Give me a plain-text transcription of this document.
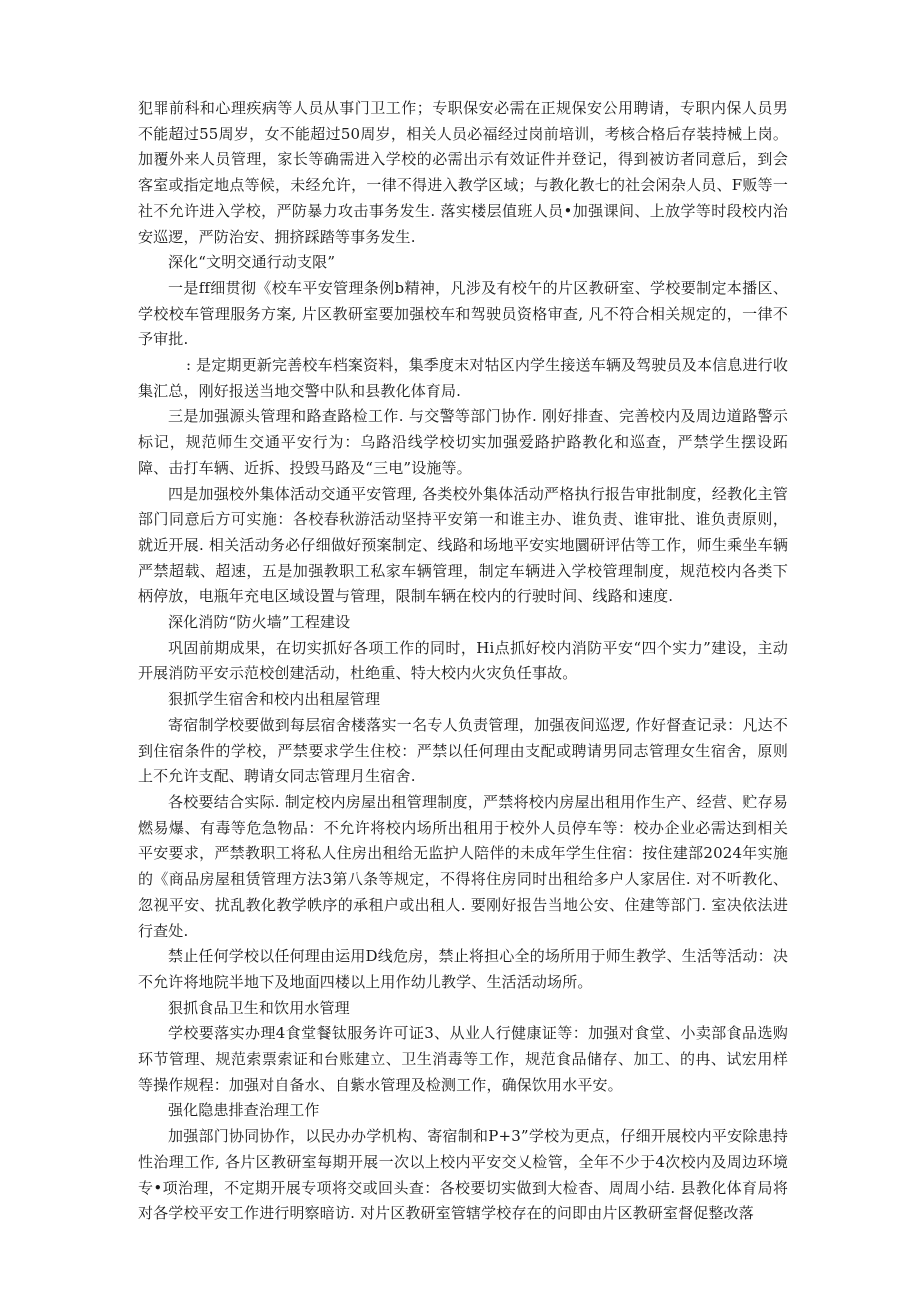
犯罪前科和心理疾病等人员从事门卫工作；专职保安必需在正规保安公用聘请，专职内保人员男不能超过55周岁，女不能超过50周岁，相关人员必福经过岗前培训，考核合格后存装持械上岗。加覆外来人员管理，家长等确需进入学校的必需出示有效证件并登记，得到被访者同意后，到会客室或指定地点等候，未经允许，一律不得进入教学区域；与教化教七的社会闲杂人员、F贩等一社不允许进入学校，严防暴力攻击事务发生. 落实楼层值班人员•加强课间、上放学等时段校内治安巡逻，严防治安、拥挤踩踏等事务发生.

深化“文明交通行动支限”

一是ff细贯彻《校车平安管理条例b精神，凡涉及有校午的片区教研室、学校要制定本播区、学校校车管理服务方案, 片区教研室要加强校车和驾驶员资格审查, 凡不符合相关规定的，一律不予审批.

: 是定期更新完善校车档案资料，集季度末对牯区内学生接送车辆及驾驶员及本信息进行收集汇总，刚好报送当地交警中队和县教化体育局.

三是加强源头管理和路查路检工作. 与交警等部门协作. 刚好排查、完善校内及周边道路警示标记，规范师生交通平安行为：乌路沿线学校切实加强爱路护路教化和巡查，严禁学生摆设跖障、击打车辆、近拆、投毁马路及“三电”设施等。

四是加强校外集体活动交通平安管理, 各类校外集体活动严格执行报告审批制度，经教化主管部门同意后方可实施：各校春秋游活动坚持平安第一和谁主办、谁负责、谁审批、谁负责原则，就近开展. 相关活动务必仔细做好预案制定、线路和场地平安实地圜研评估等工作，师生乘坐车辆严禁超载、超速，五是加强教职工私家车辆管理，制定车辆进入学校管理制度，规范校内各类下柄停放，电瓶年充电区域设置与管理，限制车辆在校内的行驶时间、线路和速度.

深化消防“防火墙”工程建设

巩固前期成果，在切实抓好各项工作的同时，Hi点抓好校内消防平安“四个实力”建设，主动开展消防平安示范校创建活动，杜绝重、特大校内火灾负任事故。

狠抓学生宿舍和校内出租屋管理

寄宿制学校要做到每层宿舍楼落实一名专人负责管理，加强夜间巡逻, 作好督查记录：凡达不到住宿条件的学校，严禁要求学生住校：严禁以任何理由支配或聘请男同志管理女生宿舍，原则上不允许支配、聘请女同志管理月生宿舍.

各校要结合实际. 制定校内房屋出租管理制度，严禁将校内房屋出租用作生产、经营、贮存易燃易爆、有毒等危急物品：不允许将校内场所出租用于校外人员停车等：校办企业必需达到相关平安要求，严禁教职工将私人住房出租给无监护人陪伴的未成年学生住宿：按住建部2024年实施的《商品房屋租赁管理方法3第八条等规定，不得将住房同时出租给多户人家居住. 对不听教化、忽视平安、扰乱教化教学帙序的承租户或出租人. 要刚好报告当地公安、住建等部门. 室决依法进行查处.

禁止任何学校以任何理由运用D线危房，禁止将担心全的场所用于师生教学、生活等活动：决不允许将地院半地下及地面四楼以上用作幼儿教学、生活活动场所。

狠抓食品卫生和饮用水管理

学校要落实办理4食堂餐钛服务许可证3、从业人行健康证等：加强对食堂、小卖部食品选购环节管理、规范索票索证和台账建立、卫生消毒等工作，规范食品储存、加工、的冉、试宏用样等操作规程：加强对自备水、自紫水管理及检测工作，确保饮用水平安。

强化隐患排查治理工作

加强部门协同协作，以民办办学机构、寄宿制和P+3”学校为更点，仔细开展校内平安除患持性治理工作, 各片区教研室每期开展一次以上校内平安交乂检管，全年不少于4次校内及周边环境专•项治理，不定期开展专项将交或回头查：各校要切实做到大检杳、周周小结. 县教化体育局将对各学校平安工作进行明察暗访. 对片区教研室管辖学校存在的问即由片区教研室督促整改落
